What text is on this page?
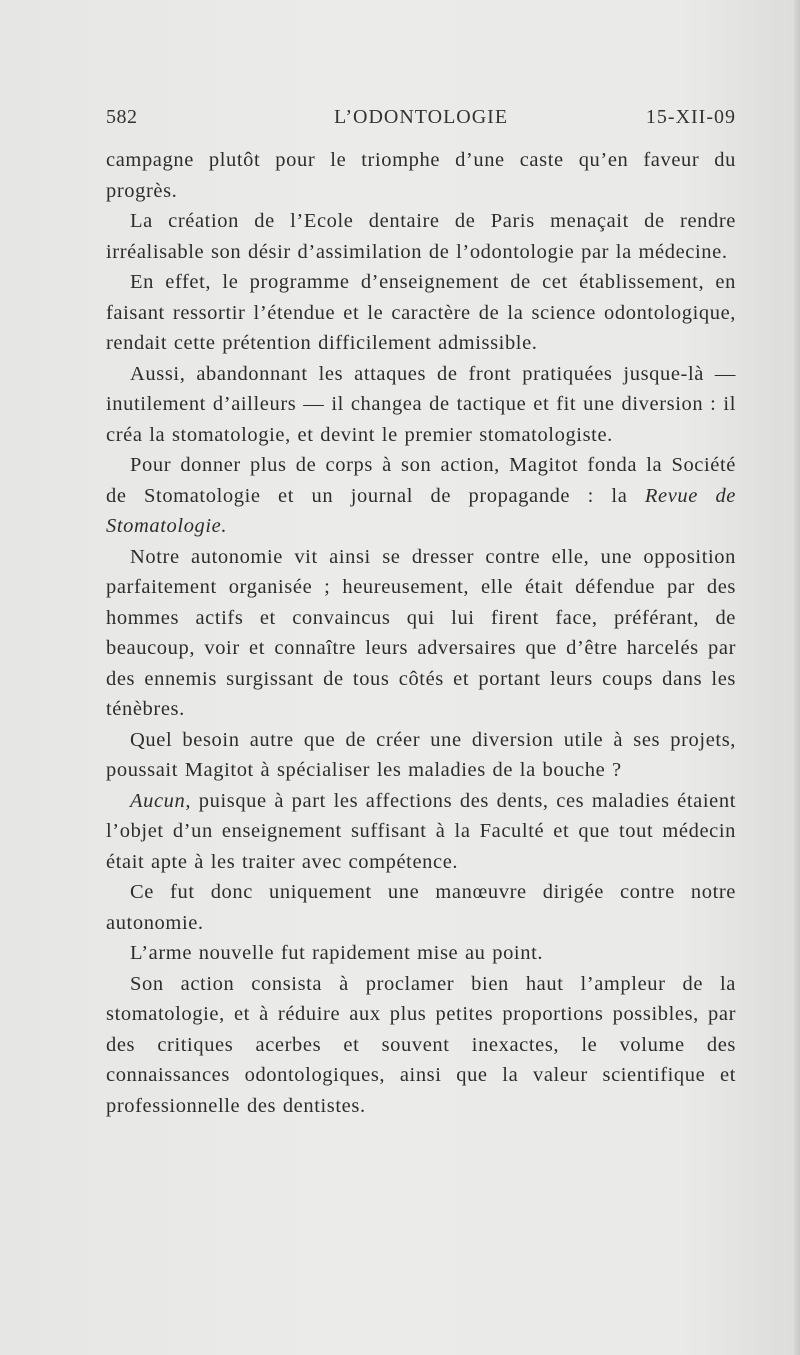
582	L’ODONTOLOGIE	15-XII-09

campagne plutôt pour le triomphe d’une caste qu’en faveur du progrès.

La création de l’Ecole dentaire de Paris menaçait de rendre irréalisable son désir d’assimilation de l’odontologie par la médecine.

En effet, le programme d’enseignement de cet établissement, en faisant ressortir l’étendue et le caractère de la science odontologique, rendait cette prétention difficilement admissible.

Aussi, abandonnant les attaques de front pratiquées jusque-là — inutilement d’ailleurs — il changea de tactique et fit une diversion : il créa la stomatologie, et devint le premier stomatologiste.

Pour donner plus de corps à son action, Magitot fonda la Société de Stomatologie et un journal de propagande : la Revue de Stomatologie.

Notre autonomie vit ainsi se dresser contre elle, une opposition parfaitement organisée ; heureusement, elle était défendue par des hommes actifs et convaincus qui lui firent face, préférant, de beaucoup, voir et connaître leurs adversaires que d’être harcelés par des ennemis surgissant de tous côtés et portant leurs coups dans les ténèbres.

Quel besoin autre que de créer une diversion utile à ses projets, poussait Magitot à spécialiser les maladies de la bouche ?

Aucun, puisque à part les affections des dents, ces maladies étaient l’objet d’un enseignement suffisant à la Faculté et que tout médecin était apte à les traiter avec compétence.

Ce fut donc uniquement une manœuvre dirigée contre notre autonomie.

L’arme nouvelle fut rapidement mise au point.

Son action consista à proclamer bien haut l’ampleur de la stomatologie, et à réduire aux plus petites proportions possibles, par des critiques acerbes et souvent inexactes, le volume des connaissances odontologiques, ainsi que la valeur scientifique et professionnelle des dentistes.
